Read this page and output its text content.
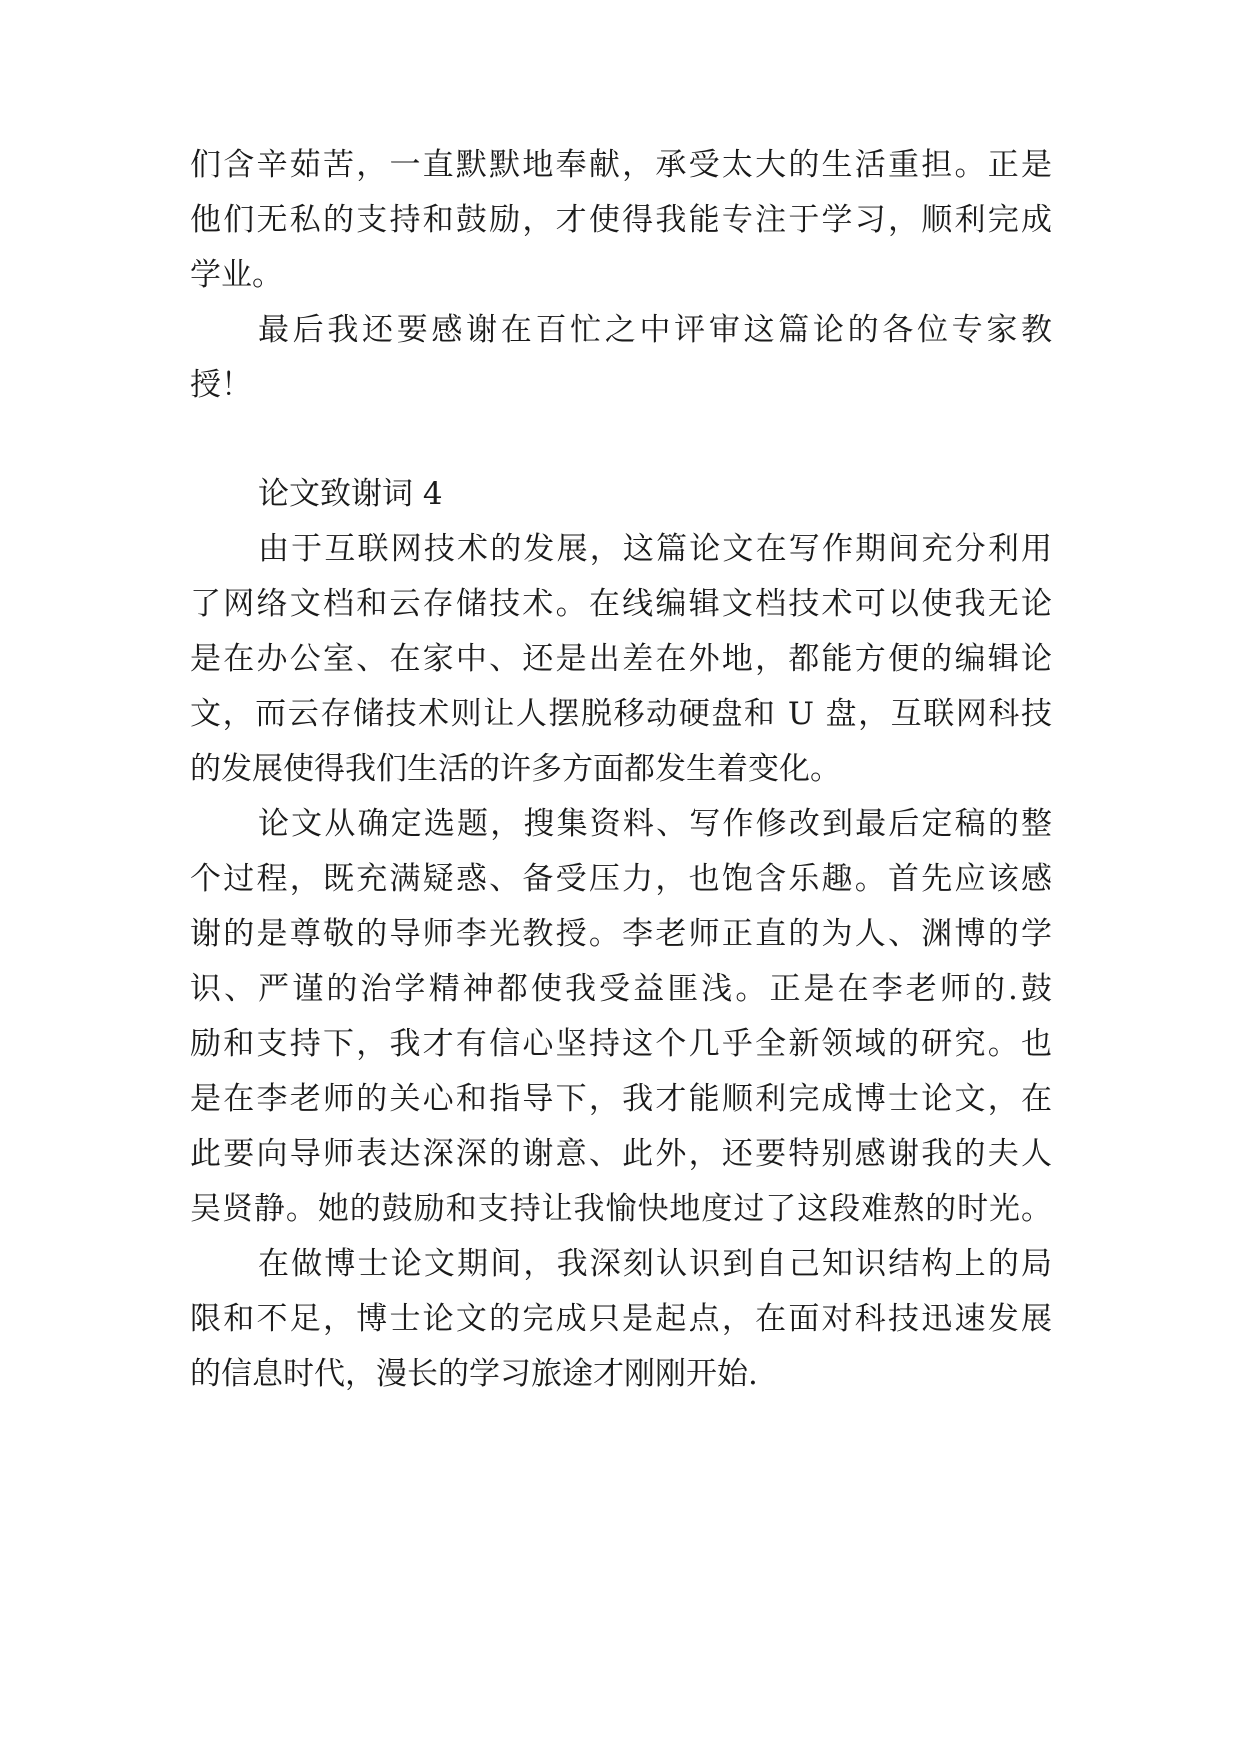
们含辛茹苦，一直默默地奉献，承受太大的生活重担。正是
他们无私的支持和鼓励，才使得我能专注于学习，顺利完成
学业。
最后我还要感谢在百忙之中评审这篇论的各位专家教
授！
论文致谢词 4
由于互联网技术的发展，这篇论文在写作期间充分利用
了网络文档和云存储技术。在线编辑文档技术可以使我无论
是在办公室、在家中、还是出差在外地，都能方便的编辑论
文，而云存储技术则让人摆脱移动硬盘和 U 盘，互联网科技
的发展使得我们生活的许多方面都发生着变化。
论文从确定选题，搜集资料、写作修改到最后定稿的整
个过程，既充满疑惑、备受压力，也饱含乐趣。首先应该感
谢的是尊敬的导师李光教授。李老师正直的为人、渊博的学
识、严谨的治学精神都使我受益匪浅。正是在李老师的.鼓
励和支持下，我才有信心坚持这个几乎全新领域的研究。也
是在李老师的关心和指导下，我才能顺利完成博士论文，在
此要向导师表达深深的谢意、此外，还要特别感谢我的夫人
吴贤静。她的鼓励和支持让我愉快地度过了这段难熬的时光。
在做博士论文期间，我深刻认识到自己知识结构上的局
限和不足，博士论文的完成只是起点，在面对科技迅速发展
的信息时代，漫长的学习旅途才刚刚开始.
